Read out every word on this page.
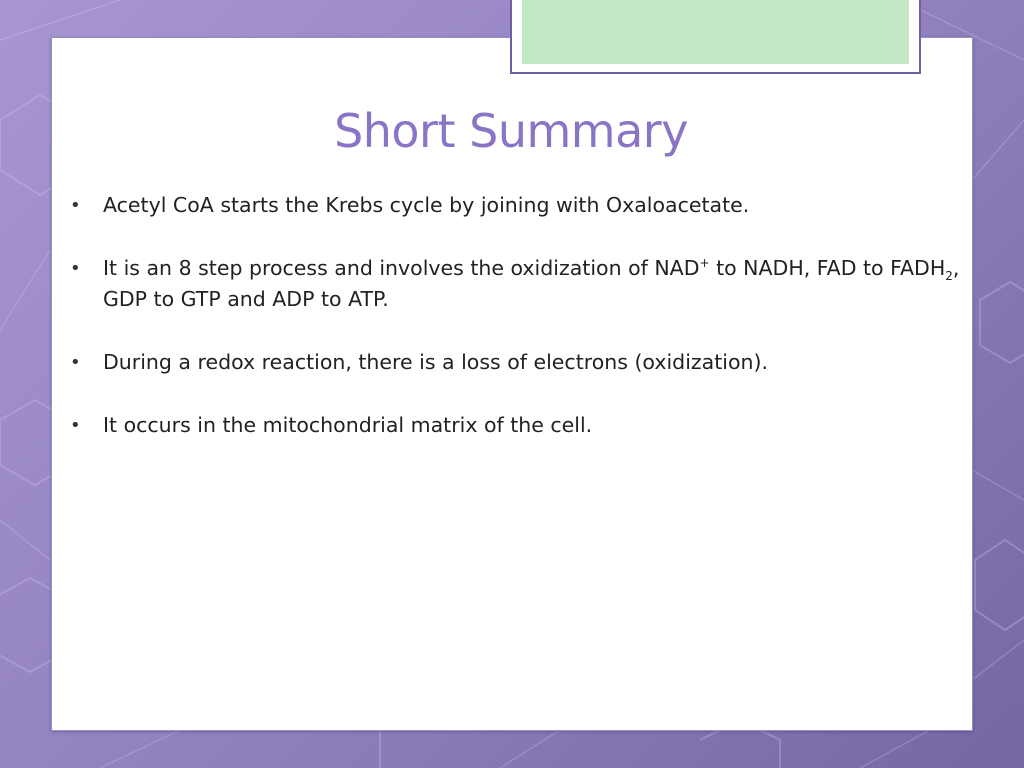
Short Summary
•	Acetyl CoA starts the Krebs cycle by joining with Oxaloacetate.
•	It is an 8 step process and involves the oxidization of NAD+ to NADH, FAD to $FADH_2$, GDP to GTP and ADP to ATP.
•	During a redox reaction, there is a loss of electrons (oxidization).
•	It occurs in the mitochondrial matrix of the cell.
